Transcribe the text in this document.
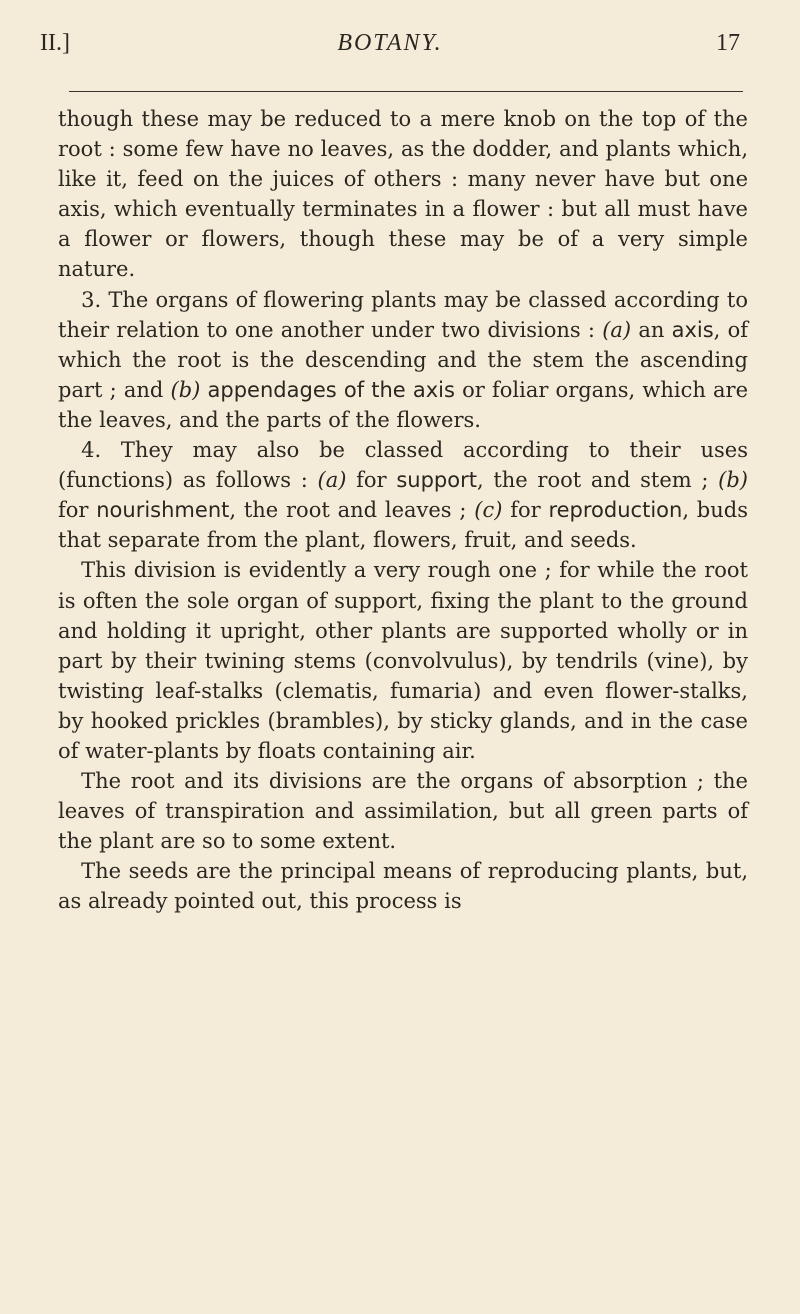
II.]	BOTANY.	17

though these may be reduced to a mere knob on the top of the root : some few have no leaves, as the dodder, and plants which, like it, feed on the juices of others : many never have but one axis, which eventually terminates in a flower : but all must have a flower or flowers, though these may be of a very simple nature.

3. The organs of flowering plants may be classed according to their relation to one another under two divisions : (a) an axis, of which the root is the descending and the stem the ascending part ; and (b) appendages of the axis or foliar organs, which are the leaves, and the parts of the flowers.

4. They may also be classed according to their uses (functions) as follows : (a) for support, the root and stem ; (b) for nourishment, the root and leaves ; (c) for reproduction, buds that separate from the plant, flowers, fruit, and seeds.

This division is evidently a very rough one ; for while the root is often the sole organ of support, fixing the plant to the ground and holding it upright, other plants are supported wholly or in part by their twining stems (convolvulus), by tendrils (vine), by twisting leaf-stalks (clematis, fumaria) and even flower-stalks, by hooked prickles (brambles), by sticky glands, and in the case of water-plants by floats containing air.

The root and its divisions are the organs of absorption ; the leaves of transpiration and assimilation, but all green parts of the plant are so to some extent.

The seeds are the principal means of reproducing plants, but, as already pointed out, this process is
